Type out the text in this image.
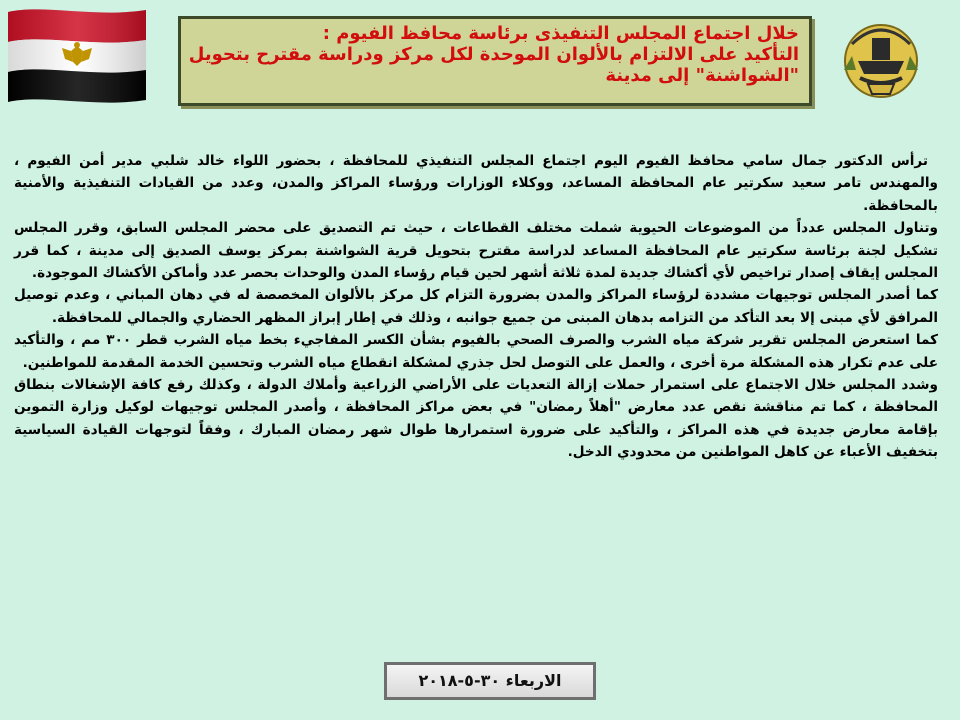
خلال اجتماع المجلس التنفيذى برئاسة محافظ الفيوم :

التأكيد على الالتزام بالألوان الموحدة لكل مركز ودراسة مقترح بتحويل

"الشواشنة" إلى مدينة

ترأس الدكتور جمال سامي محافظ الفيوم اليوم اجتماع المجلس التنفيذي للمحافظة ، بحضور اللواء خالد شلبي مدير أمن الفيوم ، والمهندس تامر سعيد سكرتير عام المحافظة المساعد، ووكلاء الوزارات ورؤساء المراكز والمدن، وعدد من القيادات التنفيذية والأمنية بالمحافظة.

وتناول المجلس عدداً من الموضوعات الحيوية شملت مختلف القطاعات ، حيث تم التصديق على محضر المجلس السابق، وقرر المجلس تشكيل لجنة برئاسة سكرتير عام المحافظة المساعد لدراسة مقترح بتحويل قرية الشواشنة بمركز يوسف الصديق إلى مدينة ، كما قرر المجلس إيقاف إصدار تراخيص لأي أكشاك جديدة لمدة ثلاثة أشهر لحين قيام رؤساء المدن والوحدات بحصر عدد وأماكن الأكشاك الموجودة.

كما أصدر المجلس توجيهات مشددة لرؤساء المراكز والمدن بضرورة التزام كل مركز بالألوان المخصصة له في دهان المباني ، وعدم توصيل المرافق لأي مبنى إلا بعد التأكد من التزامه بدهان المبنى من جميع جوانبه ، وذلك في إطار إبراز المظهر الحضاري والجمالي للمحافظة.

كما استعرض المجلس تقرير شركة مياه الشرب والصرف الصحي بالفيوم بشأن الكسر المفاجيء بخط مياه الشرب قطر ٣٠٠ مم ، والتأكيد على عدم تكرار هذه المشكلة مرة أخرى ، والعمل على التوصل لحل جذري لمشكلة انقطاع مياه الشرب وتحسين الخدمة المقدمة للمواطنين.

وشدد المجلس خلال الاجتماع على استمرار حملات إزالة التعديات على الأراضي الزراعية وأملاك الدولة ، وكذلك رفع كافة الإشغالات بنطاق المحافظة ، كما تم مناقشة نقص عدد معارض "أهلاً رمضان" في بعض مراكز المحافظة ، وأصدر المجلس توجيهات لوكيل وزارة التموين بإقامة معارض جديدة في هذه المراكز ، والتأكيد على ضرورة استمرارها طوال شهر رمضان المبارك ، وفقاً لتوجهات القيادة السياسية بتخفيف الأعباء عن كاهل المواطنين من محدودي الدخل.

الاربعاء ٣٠-٥-٢٠١٨
